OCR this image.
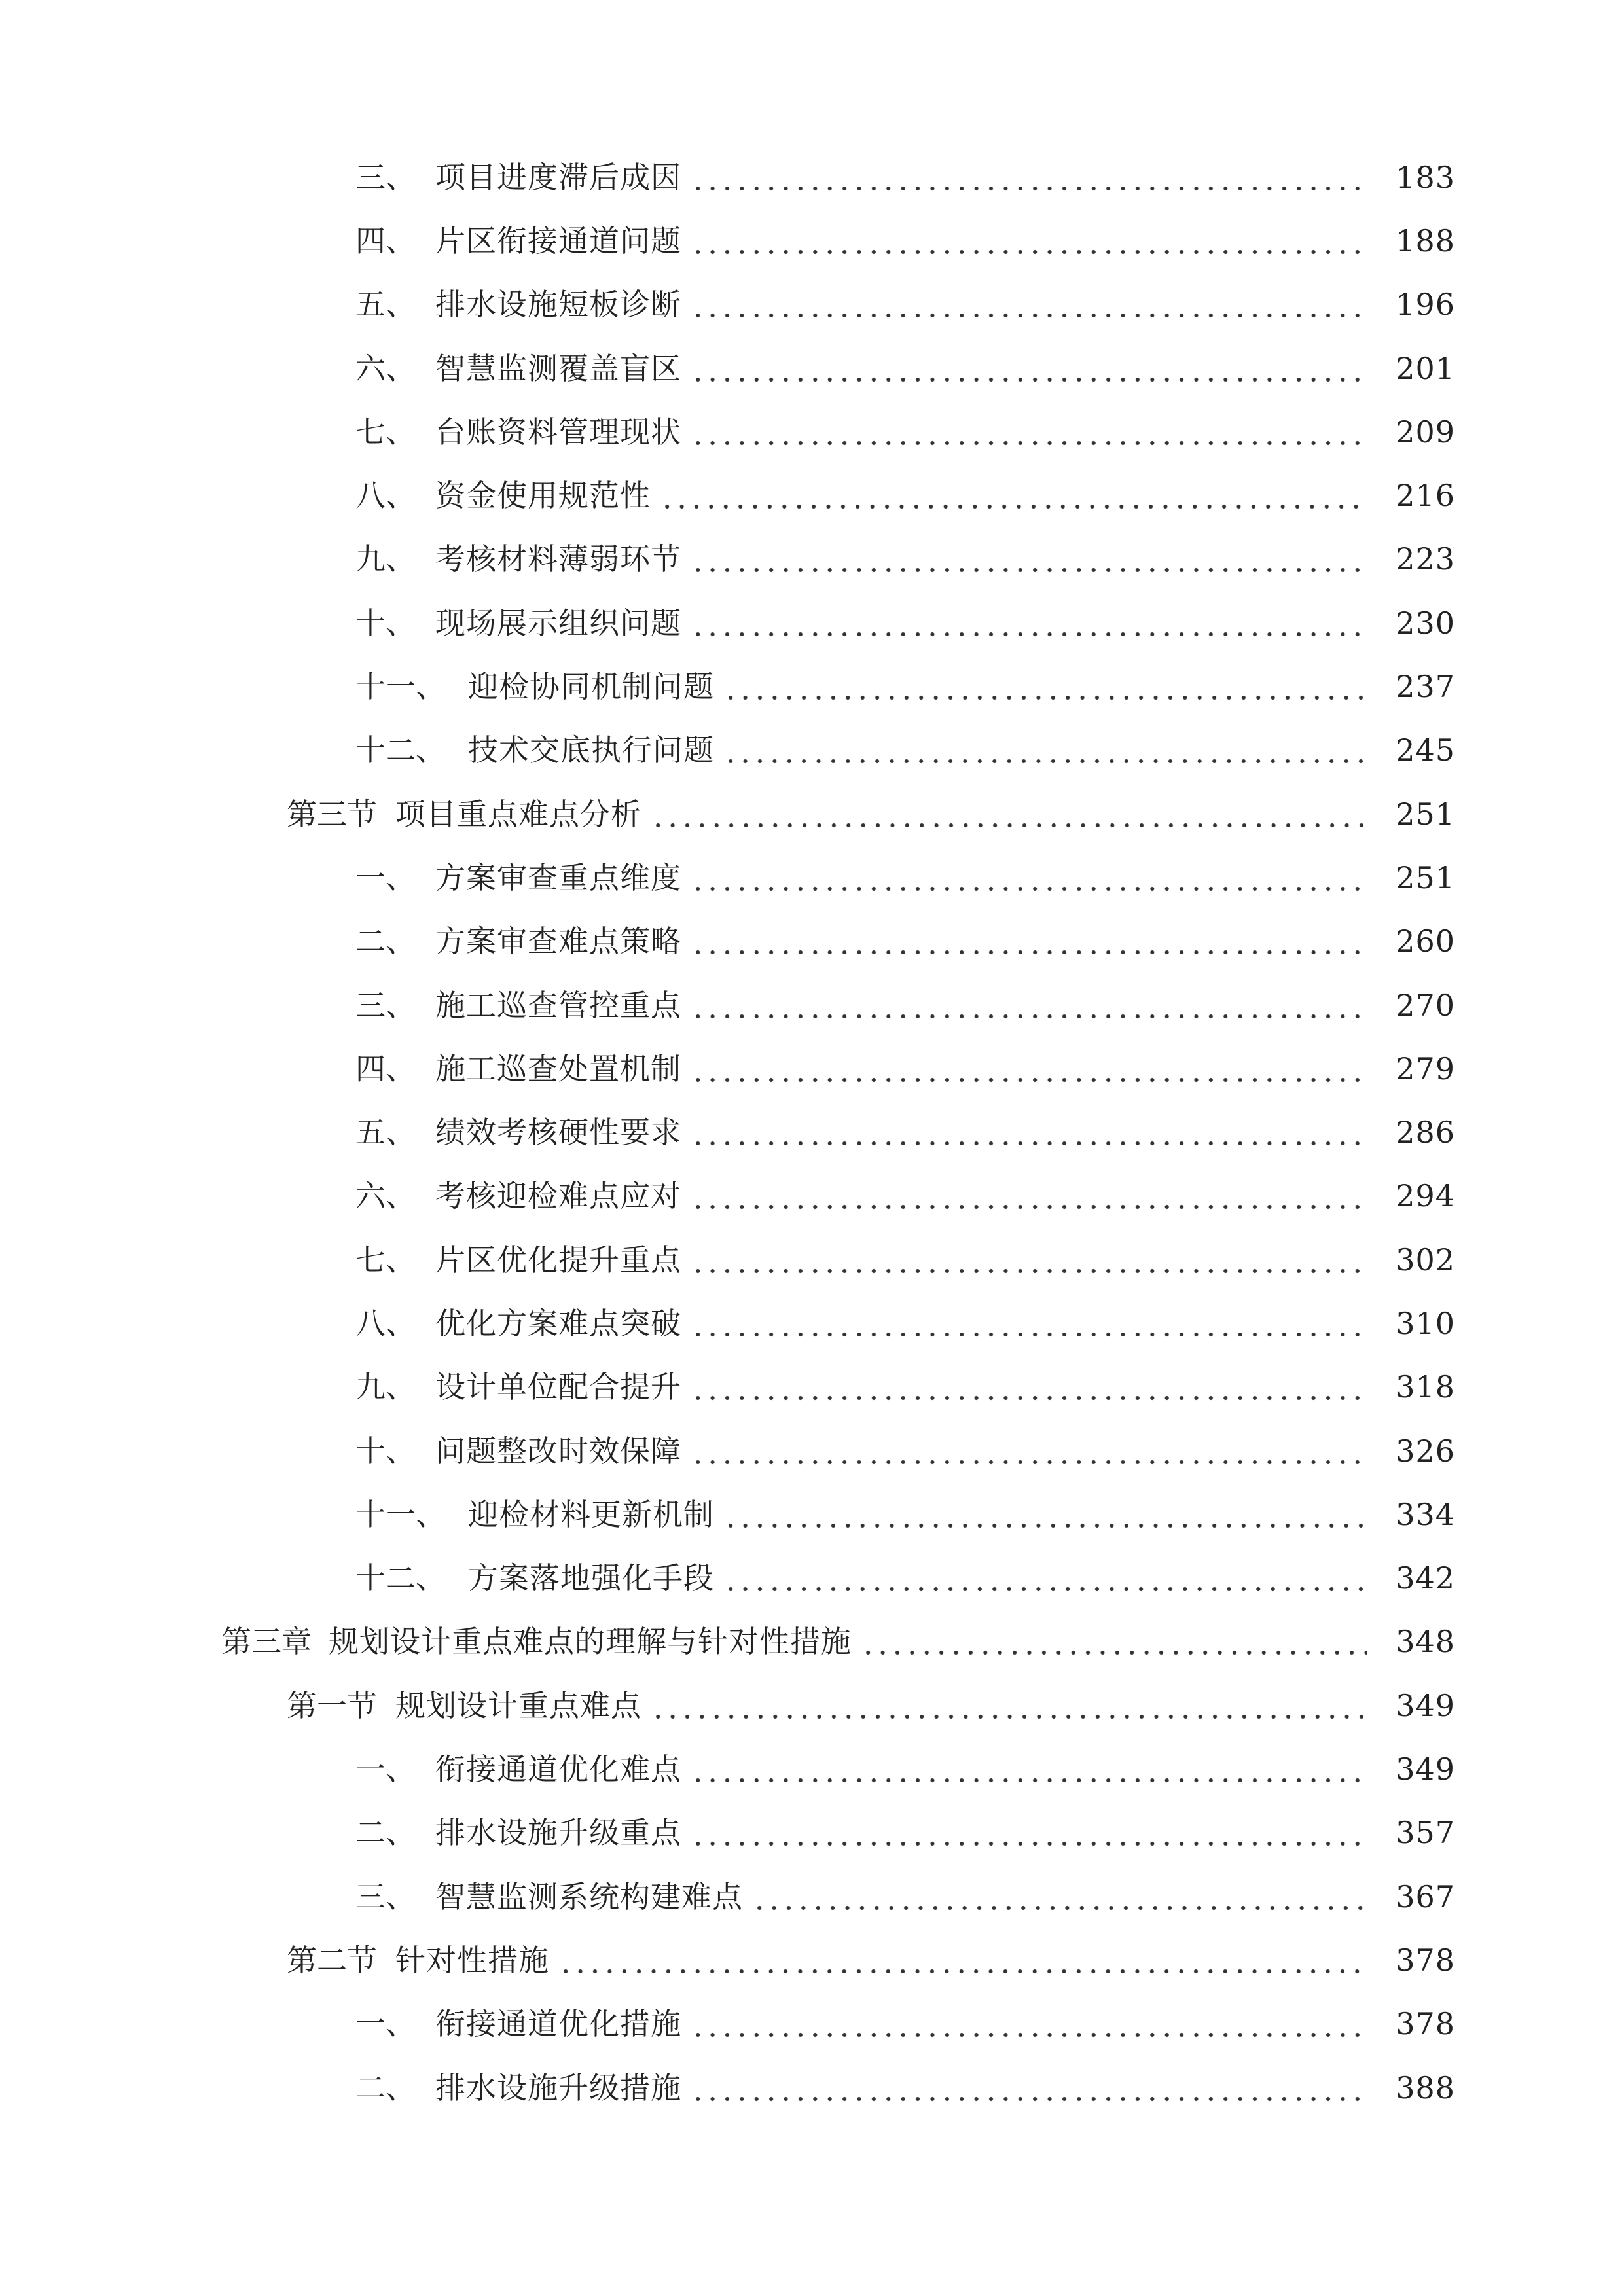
三、 项目进度滞后成因	183
四、 片区衔接通道问题	188
五、 排水设施短板诊断	196
六、 智慧监测覆盖盲区	201
七、 台账资料管理现状	209
八、 资金使用规范性	216
九、 考核材料薄弱环节	223
十、 现场展示组织问题	230
十一、 迎检协同机制问题	237
十二、 技术交底执行问题	245
第三节 项目重点难点分析	251
一、 方案审查重点维度	251
二、 方案审查难点策略	260
三、 施工巡查管控重点	270
四、 施工巡查处置机制	279
五、 绩效考核硬性要求	286
六、 考核迎检难点应对	294
七、 片区优化提升重点	302
八、 优化方案难点突破	310
九、 设计单位配合提升	318
十、 问题整改时效保障	326
十一、 迎检材料更新机制	334
十二、 方案落地强化手段	342
第三章 规划设计重点难点的理解与针对性措施	348
第一节 规划设计重点难点	349
一、 衔接通道优化难点	349
二、 排水设施升级重点	357
三、 智慧监测系统构建难点	367
第二节 针对性措施	378
一、 衔接通道优化措施	378
二、 排水设施升级措施	388
